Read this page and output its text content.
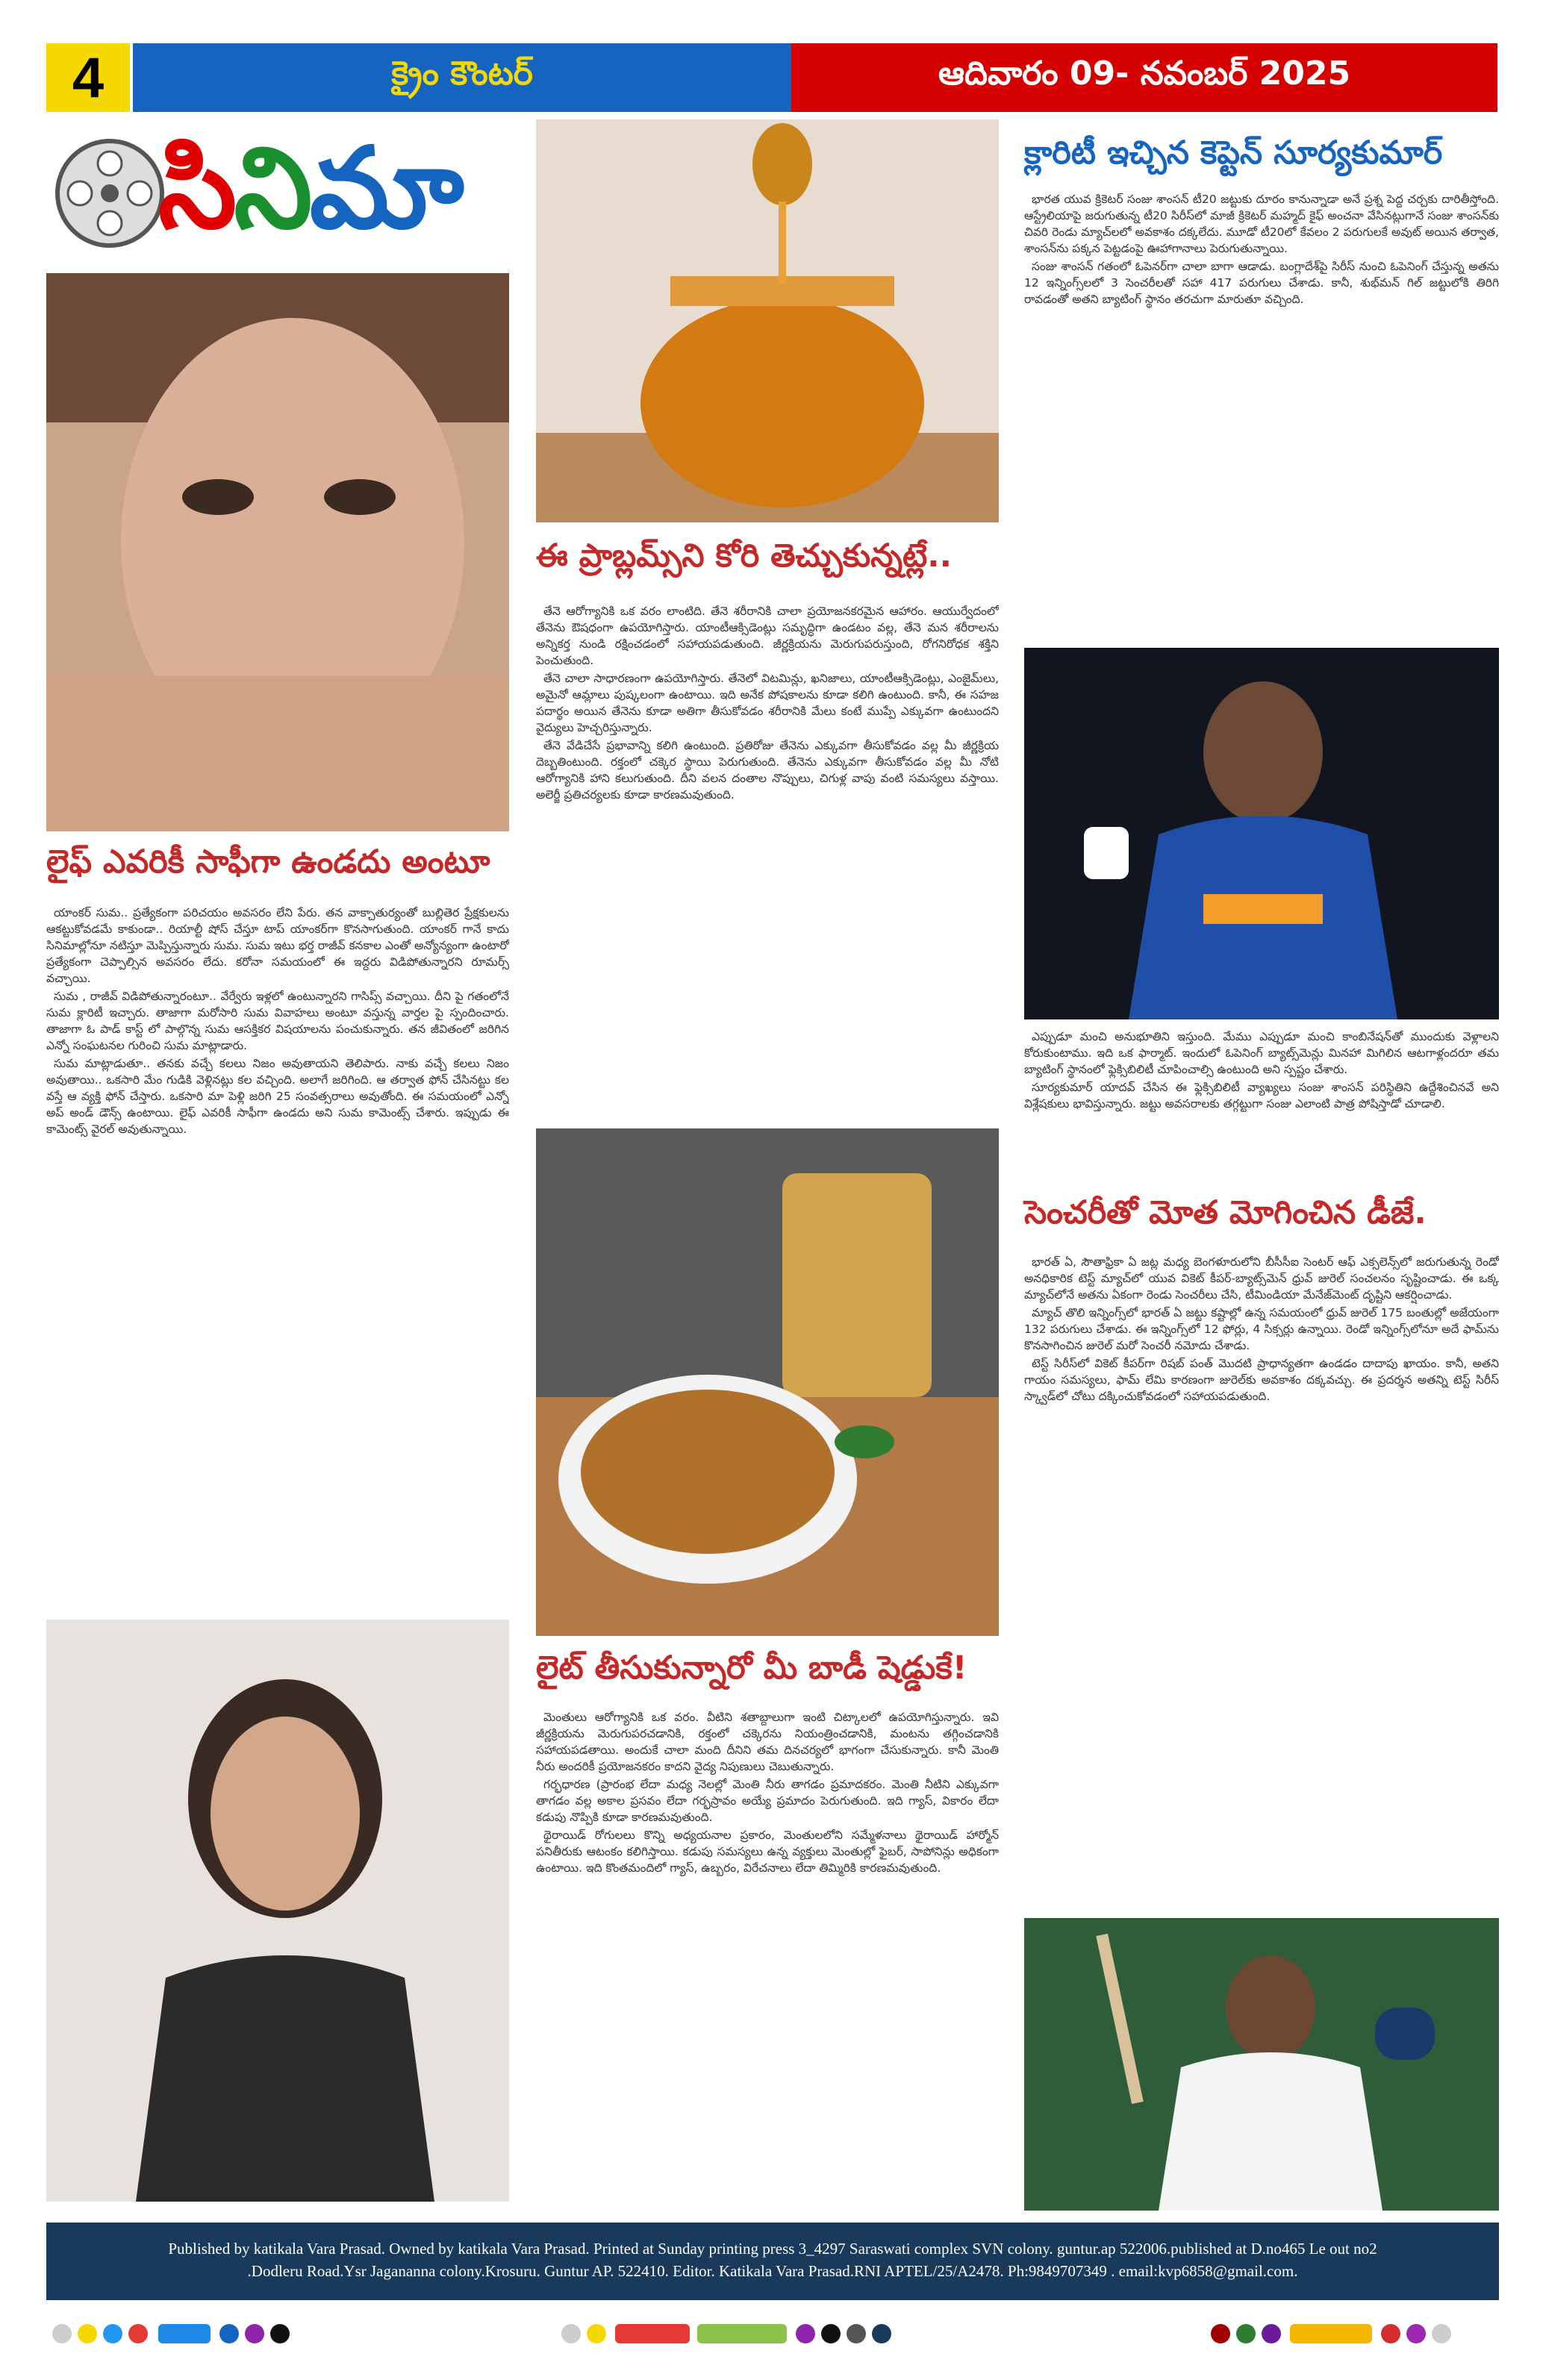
4	క్రైం కౌంటర్	ఆదివారం 09- నవంబర్ 2025
సినిమా
లైఫ్ ఎవరికీ సాఫీగా ఉండదు అంటూ

యాంకర్ సుమ.. ప్రత్యేకంగా పరిచయం అవసరం లేని పేరు. తన వాక్చాతుర్యంతో బుల్లితెర ప్రేక్షకులను ఆకట్టుకోవడమే కాకుండా.. రియాల్టీ షోస్ చేస్తూ టాప్ యాంకర్‌గా కొనసాగుతుంది. యాంకర్ గానే కాదు సినిమాల్లోనూ నటిస్తూ మెప్పిస్తున్నారు సుమ. సుమ ఇటు భర్త రాజీవ్ కనకాల ఎంతో అన్యోన్యంగా ఉంటారో ప్రత్యేకంగా చెప్పాల్సిన అవసరం లేదు. కరోనా సమయంలో ఈ ఇద్దరు విడిపోతున్నారని రూమర్స్ వచ్చాయి.

సుమ , రాజీవ్ విడిపోతున్నారంటూ.. వేర్వేరు ఇళ్లలో ఉంటున్నారని గాసిప్స్ వచ్చాయి. దీని పై గతంలోనే సుమ క్లారిటీ ఇచ్చారు. తాజాగా మరోసారి సుమ వివాహలు అంటూ వస్తున్న వార్తల పై స్పందించారు. తాజాగా ఓ పాడ్ కాస్ట్ లో పాల్గొన్న సుమ ఆసక్తికర విషయాలను పంచుకున్నారు. తన జీవితంలో జరిగిన ఎన్నో సంఘటనల గురించి సుమ మాట్లాడారు.

సుమ మాట్లాడుతూ.. తనకు వచ్చే కలలు నిజం అవుతాయని తెలిపారు. నాకు వచ్చే కలలు నిజం అవుతాయి.. ఒకసారి మేం గుడికి వెళ్లినట్లు కల వచ్చింది. అలాగే జరిగింది. ఆ తర్వాత ఫోన్ చేసినట్టు కల వస్తే ఆ వ్యక్తి ఫోన్ చేస్తారు. ఒకసారి మా పెళ్లి జరిగి 25 సంవత్సరాలు అవుతోంది. ఈ సమయంలో ఎన్నో అప్ అండ్ డౌన్స్ ఉంటాయి. లైఫ్ ఎవరికీ సాఫీగా ఉండదు అని సుమ కామెంట్స్ చేశారు. ఇప్పుడు ఈ కామెంట్స్ వైరల్ అవుతున్నాయి.

ఈ ప్రాబ్లమ్స్‌ని కోరి తెచ్చుకున్నట్లే..

తేనె ఆరోగ్యానికి ఒక వరం లాంటిది. తేనె శరీరానికి చాలా ప్రయోజనకరమైన ఆహారం. ఆయుర్వేదంలో తేనెను ఔషధంగా ఉపయోగిస్తారు. యాంటీఆక్సిడెంట్లు సమృద్ధిగా ఉండటం వల్ల, తేనె మన శరీరాలను అన్నికర్త నుండి రక్షించడంలో సహాయపడుతుంది. జీర్ణక్రియను మెరుగుపరుస్తుంది, రోగనిరోధక శక్తిని పెంచుతుంది.

తేనె చాలా సాధారణంగా ఉపయోగిస్తారు. తేనెలో విటమిన్లు, ఖనిజాలు, యాంటీఆక్సిడెంట్లు, ఎంజైమ్‌లు, అమైనో ఆమ్లాలు పుష్కలంగా ఉంటాయి. ఇది అనేక పోషకాలను కూడా కలిగి ఉంటుంది. కానీ, ఈ సహజ పదార్థం అయిన తేనెను కూడా అతిగా తీసుకోవడం శరీరానికి మేలు కంటే ముప్పే ఎక్కువగా ఉంటుందని వైద్యులు హెచ్చరిస్తున్నారు.

తేనె వేడిచేసే ప్రభావాన్ని కలిగి ఉంటుంది. ప్రతిరోజు తేనెను ఎక్కువగా తీసుకోవడం వల్ల మీ జీర్ణక్రియ దెబ్బతింటుంది. రక్తంలో చక్కెర స్థాయి పెరుగుతుంది. తేనెను ఎక్కువగా తీసుకోవడం వల్ల మీ నోటి ఆరోగ్యానికి హాని కలుగుతుంది. దీని వలన దంతాల నొప్పులు, చిగుళ్ల వాపు వంటి సమస్యలు వస్తాయి. అలెర్జీ ప్రతిచర్యలకు కూడా కారణమవుతుంది.

లైట్ తీసుకున్నారో మీ బాడీ షెడ్డుకే!

మెంతులు ఆరోగ్యానికి ఒక వరం. వీటిని శతాబ్దాలుగా ఇంటి చిట్కాలలో ఉపయోగిస్తున్నారు. ఇవి జీర్ణక్రియను మెరుగుపరచడానికి, రక్తంలో చక్కెరను నియంత్రించడానికి, మంటను తగ్గించడానికి సహాయపడతాయి. అందుకే చాలా మంది దీనిని తమ దినచర్యలో భాగంగా చేసుకున్నారు. కానీ మెంతి నీరు అందరికీ ప్రయోజనకరం కాదని వైద్య నిపుణులు చెబుతున్నారు.

గర్భధారణ (ప్రారంభ లేదా మధ్య నెలల్లో మెంతి నీరు తాగడం ప్రమాదకరం. మెంతి నీటిని ఎక్కువగా తాగడం వల్ల అకాల ప్రసవం లేదా గర్భస్రావం అయ్యే ప్రమాదం పెరుగుతుంది. ఇది గ్యాస్, వికారం లేదా కడుపు నొప్పికి కూడా కారణమవుతుంది.

థైరాయిడ్ రోగులలు కొన్ని అధ్యయనాల ప్రకారం, మెంతులలోని సమ్మేళనాలు థైరాయిడ్ హార్మోన్ పనితీరుకు ఆటంకం కలిగిస్తాయి. కడుపు సమస్యలు ఉన్న వ్యక్తులు మెంతుల్లో ఫైబర్, సాపోనిన్లు అధికంగా ఉంటాయి. ఇది కొంతమందిలో గ్యాస్, ఉబ్బరం, విరేచనాలు లేదా తిమ్మిరికి కారణమవుతుంది.

క్లారిటీ ఇచ్చిన కెప్టెన్ సూర్యకుమార్

భారత యువ క్రికెటర్ సంజు శాంసన్ టీ20 జట్టుకు దూరం కానున్నాడా అనే ప్రశ్న పెద్ద చర్చకు దారితీస్తోంది. ఆస్ట్రేలియాపై జరుగుతున్న టీ20 సిరీస్‌లో మాజీ క్రికెటర్ మహ్మద్ కైఫ్ అంచనా వేసినట్లుగానే సంజు శాంసన్‌కు చివరి రెండు మ్యాచ్‌లలో అవకాశం దక్కలేదు. మూడో టీ20లో కేవలం 2 పరుగులకే అవుట్ అయిన తర్వాత, శాంసన్‌ను పక్కన పెట్టడంపై ఊహాగానాలు పెరుగుతున్నాయి.

సంజు శాంసన్ గతంలో ఓపెనర్‌గా చాలా బాగా ఆడాడు. బంగ్లాదేశ్‌పై సిరీస్ నుంచి ఓపెనింగ్ చేస్తున్న అతను 12 ఇన్నింగ్స్‌లలో 3 సెంచరీలతో సహా 417 పరుగులు చేశాడు. కానీ, శుభ్‌మన్ గిల్ జట్టులోకి తిరిగి రావడంతో అతని బ్యాటింగ్ స్థానం తరచుగా మారుతూ వచ్చింది.

ఎప్పుడూ మంచి అనుభూతిని ఇస్తుంది. మేము ఎప్పుడూ మంచి కాంబినేషన్‌తో ముందుకు వెళ్లాలని కోరుకుంటాము. ఇది ఒక ఫార్మాట్. ఇందులో ఓపెనింగ్ బ్యాట్స్‌మెన్లు మినహా మిగిలిన ఆటగాళ్లందరూ తమ బ్యాటింగ్ స్థానంలో ఫ్లెక్సిబిలిటీ చూపించాల్సి ఉంటుంది అని స్పష్టం చేశారు.

సూర్యకుమార్ యాదవ్ చేసిన ఈ ఫ్లెక్సిబిలిటీ వ్యాఖ్యలు సంజు శాంసన్ పరిస్థితిని ఉద్దేశించినవే అని విశ్లేషకులు భావిస్తున్నారు. జట్టు అవసరాలకు తగ్గట్టుగా సంజు ఎలాంటి పాత్ర పోషిస్తాడో చూడాలి.

సెంచరీతో మోత మోగించిన డీజే.

భారత్ ఏ, సౌతాఫ్రికా ఏ జట్ల మధ్య బెంగళూరులోని బీసీసీఐ సెంటర్ ఆఫ్ ఎక్సలెన్స్‌లో జరుగుతున్న రెండో అనధికారిక టెస్ట్ మ్యాచ్‌లో యువ వికెట్ కీపర్-బ్యాట్స్‌మెన్ ధ్రువ్ జురెల్ సంచలనం సృష్టించాడు. ఈ ఒక్క మ్యాచ్‌లోనే అతను ఏకంగా రెండు సెంచరీలు చేసి, టీమిండియా మేనేజ్‌మెంట్ దృష్టిని ఆకర్షించాడు.

మ్యాచ్ తొలి ఇన్నింగ్స్‌లో భారత్ ఏ జట్టు కష్టాల్లో ఉన్న సమయంలో ధ్రువ్ జురెల్ 175 బంతుల్లో అజేయంగా 132 పరుగులు చేశాడు. ఈ ఇన్నింగ్స్‌లో 12 ఫోర్లు, 4 సిక్సర్లు ఉన్నాయి. రెండో ఇన్నింగ్స్‌లోనూ అదే ఫామ్‌ను కొనసాగించిన జురెల్ మరో సెంచరీ నమోదు చేశాడు.

టెస్ట్ సిరీస్‌లో వికెట్ కీపర్‌గా రిషబ్ పంత్ మొదటి ప్రాధాన్యతగా ఉండడం దాదాపు ఖాయం. కానీ, అతని గాయం సమస్యలు, ఫామ్ లేమి కారణంగా జురెల్‌కు అవకాశం దక్కవచ్చు. ఈ ప్రదర్శన అతన్ని టెస్ట్ సిరీస్ స్క్వాడ్‌లో చోటు దక్కించుకోవడంలో సహాయపడుతుంది.

Published by katikala Vara Prasad. Owned by katikala Vara Prasad. Printed at Sunday printing press 3_4297 Saraswati complex SVN colony. guntur.ap 522006.published at D.no465 Le out no2
.Dodleru Road.Ysr Jagananna colony.Krosuru. Guntur AP. 522410. Editor. Katikala Vara Prasad.RNI APTEL/25/A2478. Ph:9849707349 . email:kvp6858@gmail.com.
